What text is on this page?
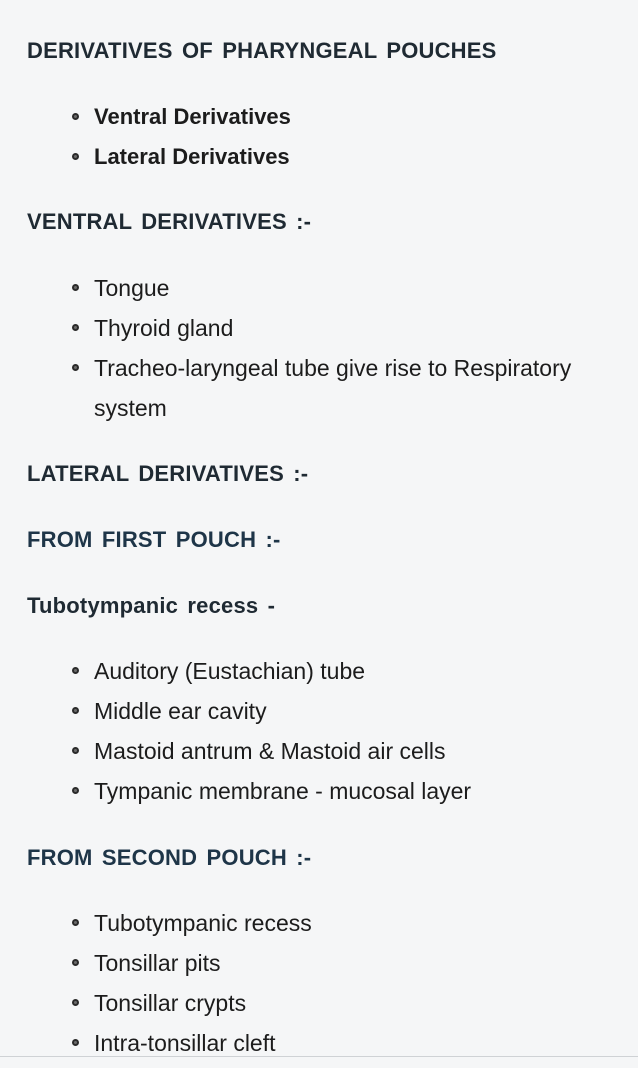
DERIVATIVES OF PHARYNGEAL POUCHES
Ventral Derivatives
Lateral Derivatives
VENTRAL DERIVATIVES :-
Tongue
Thyroid gland
Tracheo-laryngeal tube give rise to Respiratory system
LATERAL DERIVATIVES :-
FROM FIRST POUCH :-
Tubotympanic recess -
Auditory (Eustachian) tube
Middle ear cavity
Mastoid antrum & Mastoid air cells
Tympanic membrane - mucosal layer
FROM SECOND POUCH :-
Tubotympanic recess
Tonsillar pits
Tonsillar crypts
Intra-tonsillar cleft
